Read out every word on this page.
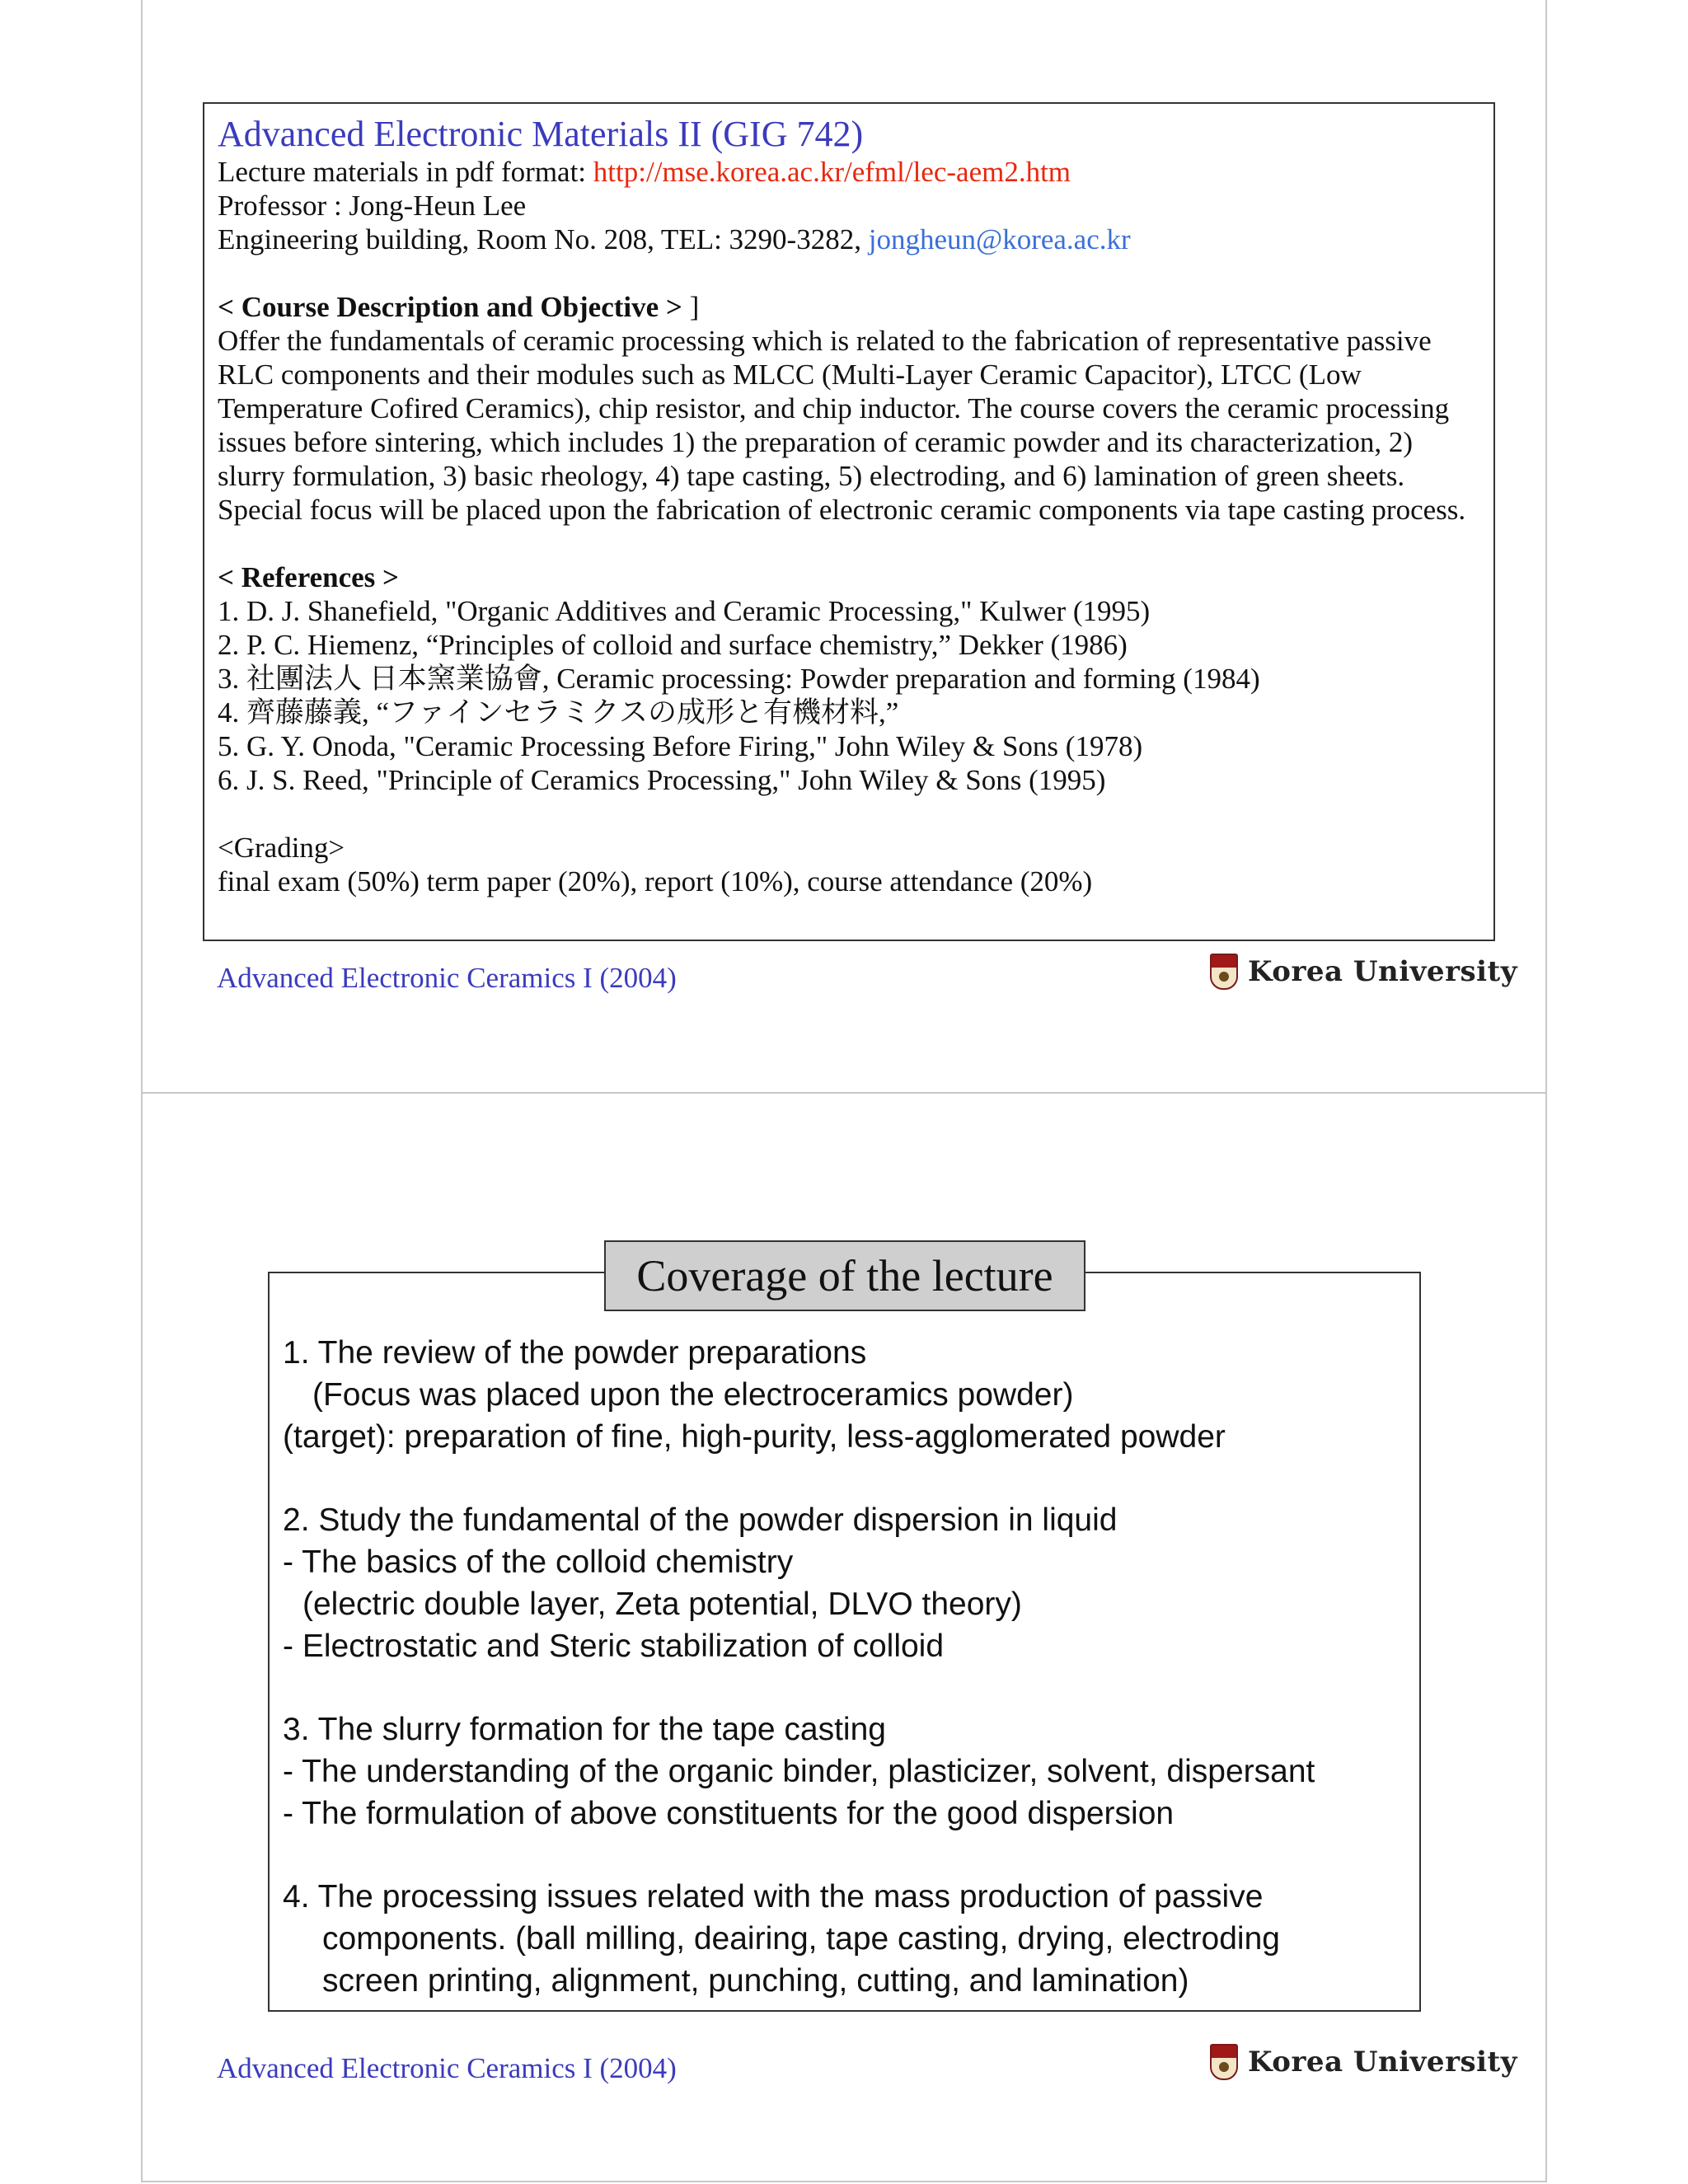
Advanced Electronic Materials II (GIG 742)
Lecture materials in pdf format: http://mse.korea.ac.kr/efml/lec-aem2.htm
Professor : Jong-Heun Lee
Engineering building, Room No. 208, TEL: 3290-3282, jongheun@korea.ac.kr
< Course Description and Objective > ]
Offer the fundamentals of ceramic processing which is related to the fabrication of representative passive RLC components and their modules such as MLCC (Multi-Layer Ceramic Capacitor), LTCC (Low Temperature Cofired Ceramics), chip resistor, and chip inductor. The course covers the ceramic processing issues before sintering, which includes 1) the preparation of ceramic powder and its characterization, 2) slurry formulation, 3) basic rheology, 4) tape casting, 5) electroding, and 6) lamination of green sheets. Special focus will be placed upon the fabrication of electronic ceramic components via tape casting process.
< References >
1. D. J. Shanefield, "Organic Additives and Ceramic Processing," Kulwer (1995)
2. P. C. Hiemenz, “Principles of colloid and surface chemistry,” Dekker (1986)
3. 社團法人 日本窯業協會, Ceramic processing: Powder preparation and forming (1984)
4. 齊藤藤義, “ファインセラミクスの成形と有機材料,”
5. G. Y. Onoda, "Ceramic Processing Before Firing," John Wiley & Sons (1978)
6. J. S. Reed, "Principle of Ceramics Processing," John Wiley & Sons (1995)
<Grading>
final exam (50%) term paper (20%), report (10%), course attendance (20%)
Advanced Electronic Ceramics I (2004)	Korea University
Coverage of the lecture
1. The review of the powder preparations
(Focus was placed upon the electroceramics powder)
(target): preparation of fine, high-purity, less-agglomerated powder
2. Study the fundamental of the powder dispersion in liquid
- The basics of the colloid chemistry
(electric double layer, Zeta potential, DLVO theory)
- Electrostatic and Steric stabilization of colloid
3. The slurry formation for the tape casting
- The understanding of the organic binder, plasticizer, solvent, dispersant
- The formulation of above constituents for the good dispersion
4. The processing issues related with the mass production of passive
components. (ball milling, deairing, tape casting, drying, electroding
screen printing, alignment, punching, cutting, and lamination)
Advanced Electronic Ceramics I (2004)	Korea University
